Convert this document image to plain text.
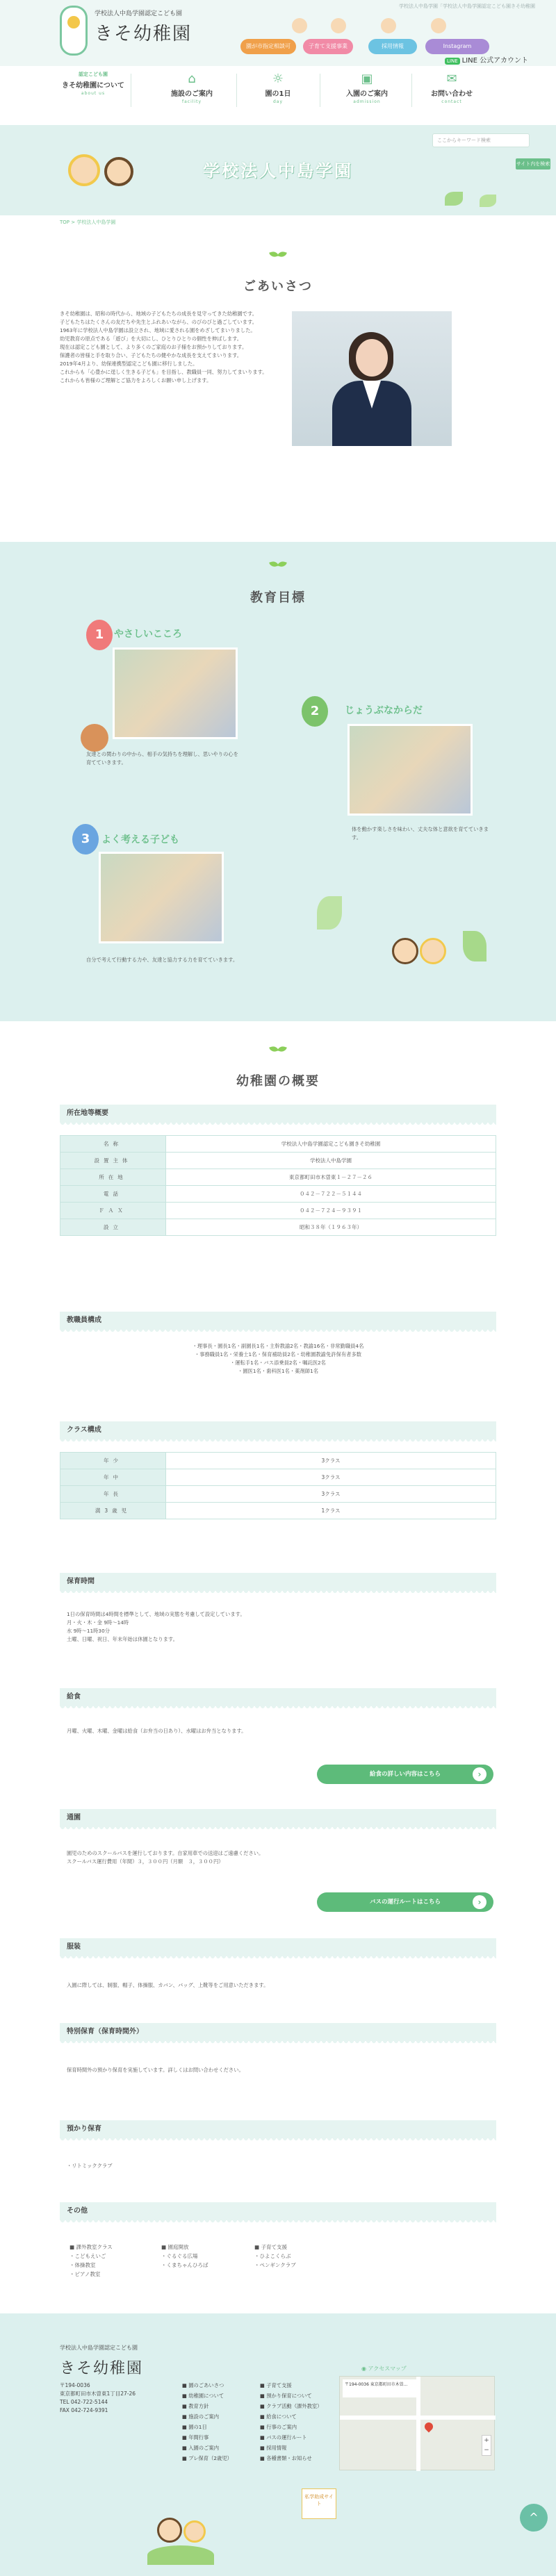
学校法人中島学園認定こども園
きそ幼稚園
学校法人中島学園「学校法人中島学園認定こども園きそ幼稚園
園が市指定相談可	子育て支援事業	採用情報	Instagram
LINE LINE 公式アカウント
認定こども園
きそ幼稚園について
about us
⌂
施設のご案内
facility
☼
園の1日
day
▣
入園のご案内
admission
✉
お問い合わせ
contact
学校法人中島学園
ここからキーワード検索
サイト内を検索
TOP > 学校法人中島学園
ごあいさつ

きそ幼稚園は、昭和の時代から、地域の子どもたちの成長を見守ってきた幼稚園です。

子どもたちはたくさんの友だちや先生とふれあいながら、のびのびと過ごしています。

1963年に学校法人中島学園は設立され、地域に愛される園をめざしてまいりました。

幼児教育の原点である「遊び」を大切にし、ひとりひとりの個性を伸ばします。

現在は認定こども園として、より多くのご家庭のお子様をお預かりしております。

保護者の皆様と手を取り合い、子どもたちの健やかな成長を支えてまいります。

2019年4月より、幼保連携型認定こども園に移行しました。

これからも「心豊かに逞しく生きる子ども」を目指し、教職員一同、努力してまいります。

これからも皆様のご理解とご協力をよろしくお願い申し上げます。

教育目標
1	やさしいこころ
友達との関わりの中から、相手の気持ちを理解し、思いやりの心を育てていきます。
2	じょうぶなからだ
体を動かす楽しさを味わい、丈夫な体と意欲を育てていきます。
3	よく考える子ども
自分で考えて行動する力や、友達と協力する力を育てていきます。
幼稚園の概要
所在地等概要
名称	学校法人中島学園認定こども園きそ幼稚園
設置主体	学校法人中島学園
所在地	東京都町田市木曽東１－２７－２６
電話	０４２－７２２－５１４４
ＦＡＸ	０４２－７２４－９３９１
設立	昭和３８年（１９６３年）
教職員構成

・理事長・園長1名・副園長1名・主幹教諭2名・教諭16名・非常勤職員4名

・事務職員1名・栄養士1名・保育補助員2名・幼稚園教諭免許保有者多数

・運転手1名・バス添乗員2名・嘱託医2名

・園医1名・歯科医1名・薬剤師1名

クラス構成
年少	3クラス
年中	3クラス
年長	3クラス
満3歳児	1クラス
保育時間

1日の保育時間は4時間を標準として、地域の実態を考慮して設定しています。

月・火・木・金 9時～14時

水 9時～11時30分

土曜、日曜、祝日、年末年始は休園となります。

給食
月曜、火曜、木曜、金曜は給食（お弁当の日あり）、水曜はお弁当となります。
給食の詳しい内容はこちら ›
通園

園児のためのスクールバスを運行しております。自家用車での送迎はご遠慮ください。

スクールバス運行費用（年間）３，３００円（月額　３，３００円）

バスの運行ルートはこちら ›
服装
入園に際しては、制服、帽子、体操服、カバン、バッグ、上靴等をご用意いただきます。
特別保育（保育時間外）
保育時間外の預かり保育を実施しています。詳しくはお問い合わせください。
預かり保育
・リトミッククラブ
その他

■ 課外教室クラス

・こどもえいご

・体操教室

・ピアノ教室

■ 園庭開放

・ぐるぐる広場

・くまちゃんひろば

■ 子育て支援

・ひよこくらぶ

・ペンギンクラブ

学校法人中島学園認定こども園
きそ幼稚園

〒194-0036

東京都町田市木曽東1丁目27-26

TEL 042-722-5144

FAX 042-724-9391

■ 園のごあいさつ

■ 幼稚園について

■ 教育方針

■ 施設のご案内

■ 園の1日

■ 年間行事

■ 入園のご案内

■ プレ保育（2歳児）

■ 子育て支援

■ 預かり保育について

■ クラブ活動（課外教室）

■ 給食について

■ 行事のご案内

■ バスの運行ルート

■ 採用情報

■ 各種書類・お知らせ

◉ アクセスマップ
〒194-0036 東京都町田市木曽...
+
−
私学助成サイト
^
